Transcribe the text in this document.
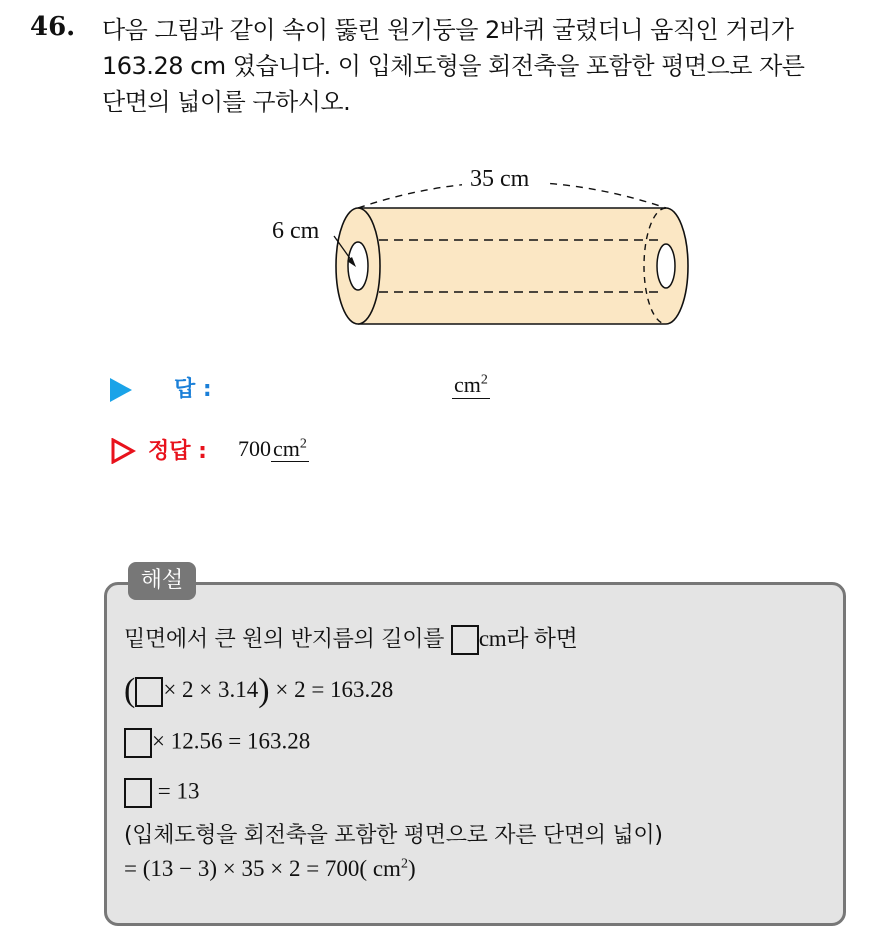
46. 다음 그림과 같이 속이 뚫린 원기둥을 2바퀴 굴렸더니 움직인 거리가
163.28 cm 였습니다. 이 입체도형을 회전축을 포함한 평면으로 자른
단면의 넓이를 구하시오.
35 cm
6 cm
답 :	$cm^2$
정답 : $700cm^2$
해설
밑면에서 큰 원의 반지름의 길이를 cm라 하면
( × 2 × 3.14) × 2 = 163.28
× 12.56 = 163.28
= 13
(입체도형을 회전축을 포함한 평면으로 자른 단면의 넓이)
= (13 − 3) × 35 × 2 = 700( $cm^2$)
